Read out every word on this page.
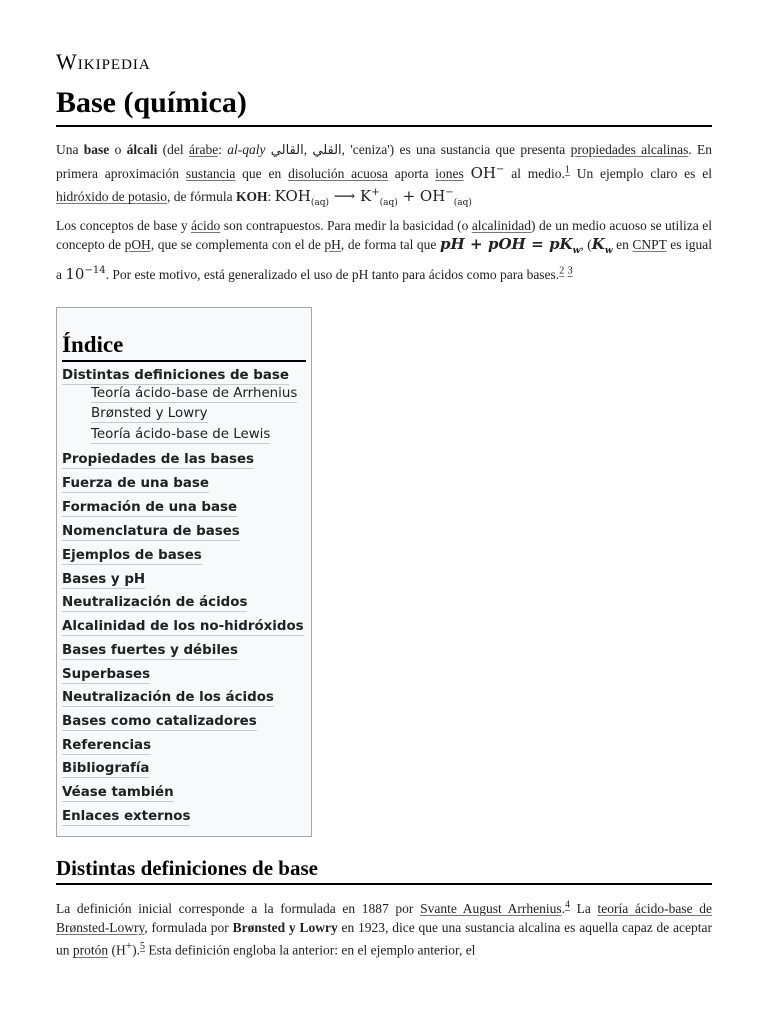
Wikipedia
Base (química)

Una base o álcali (del árabe: al-qaly القالي, القلي, 'ceniza') es una sustancia que presenta propiedades alcalinas. En primera aproximación sustancia que en disolución acuosa aporta iones OH− al medio.$^1$ Un ejemplo claro es el hidróxido de potasio, de fórmula KOH: $KOH_{(aq)}$ ⟶ $K^+_{(aq)} + OH^-_{(aq)}$

Los conceptos de base y ácido son contrapuestos. Para medir la basicidad (o alcalinidad) de un medio acuoso se utiliza el concepto de pOH, que se complementa con el de pH, de forma tal que pH + pOH = $pK_w$, ($K_w$ en CNPT es igual a $10^{-14}$. Por este motivo, está generalizado el uso de pH tanto para ácidos como para bases.$^2$ $^3$

Índice
Distintas definiciones de base
Teoría ácido-base de Arrhenius
Brønsted y Lowry
Teoría ácido-base de Lewis
Propiedades de las bases
Fuerza de una base
Formación de una base
Nomenclatura de bases
Ejemplos de bases
Bases y pH
Neutralización de ácidos
Alcalinidad de los no-hidróxidos
Bases fuertes y débiles
Superbases
Neutralización de los ácidos
Bases como catalizadores
Referencias
Bibliografía
Véase también
Enlaces externos
Distintas definiciones de base

La definición inicial corresponde a la formulada en 1887 por Svante August Arrhenius.$^4$ La teoría ácido-base de Brønsted-Lowry, formulada por Brønsted y Lowry en 1923, dice que una sustancia alcalina es aquella capaz de aceptar un protón (H+).$^5$ Esta definición engloba la anterior: en el ejemplo anterior, el
